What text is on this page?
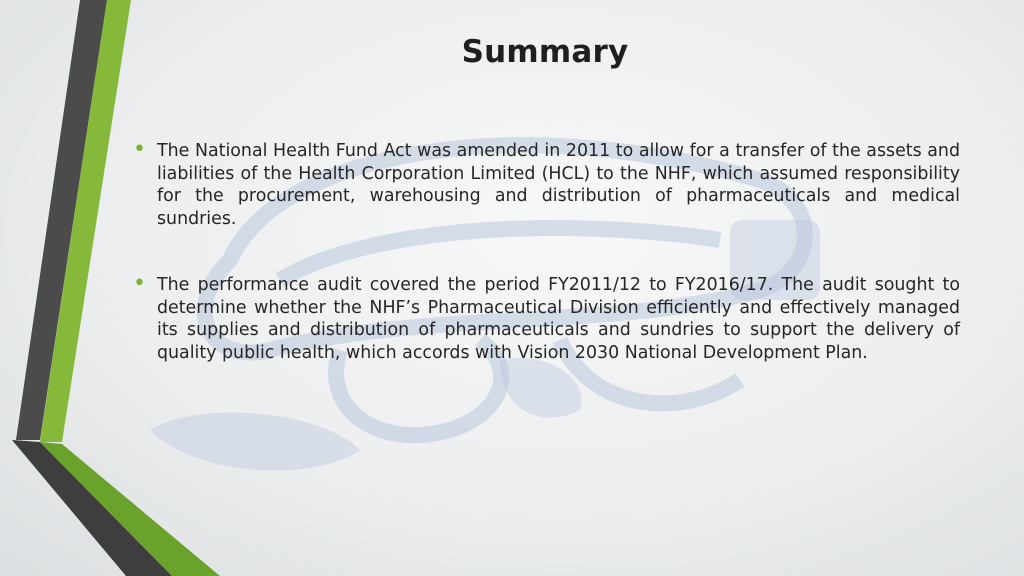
Summary
• The National Health Fund Act was amended in 2011 to allow for a transfer of the assets and liabilities of the Health Corporation Limited (HCL) to the NHF, which assumed responsibility for the procurement, warehousing and distribution of pharmaceuticals and medical sundries.
• The performance audit covered the period FY2011/12 to FY2016/17. The audit sought to determine whether the NHF’s Pharmaceutical Division efficiently and effectively managed its supplies and distribution of pharmaceuticals and sundries to support the delivery of quality public health, which accords with Vision 2030 National Development Plan.
